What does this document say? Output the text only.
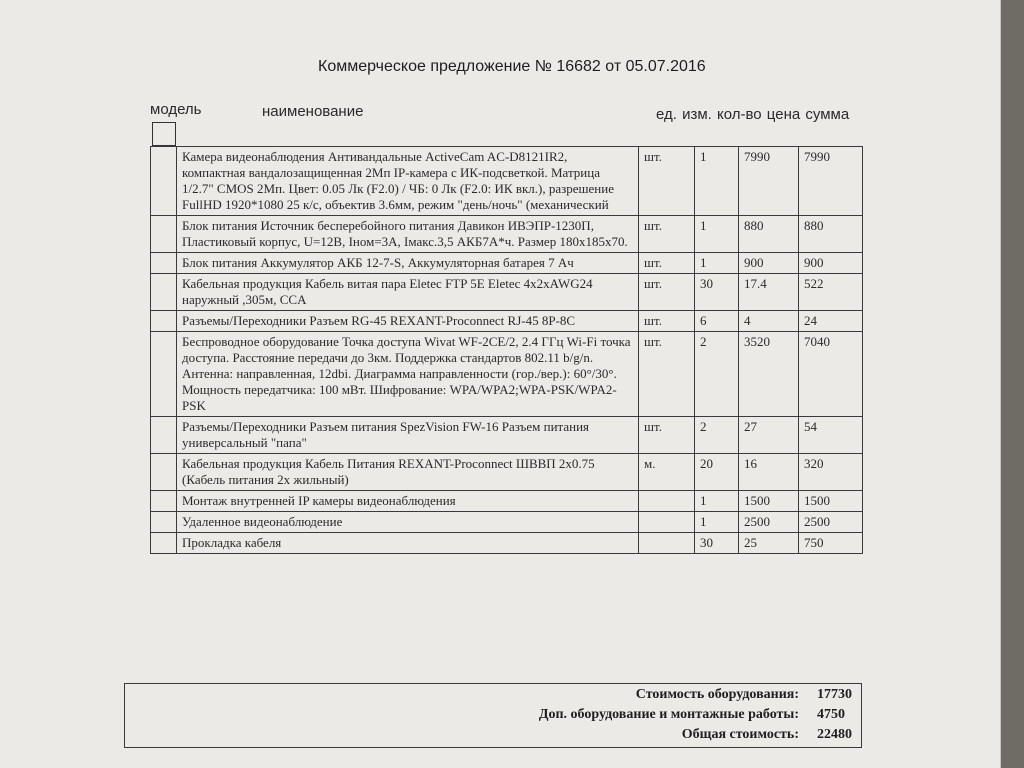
Коммерческое предложение № 16682 от 05.07.2016
модель	наименование	ед. изм. кол-во цена сумма
	Камера видеонаблюдения Антивандальные ActiveCam AC-D8121IR2, компактная вандалозащищенная 2Мп IP-камера с ИК-подсветкой. Матрица 1/2.7" CMOS 2Мп. Цвет: 0.05 Лк (F2.0) / ЧБ: 0 Лк (F2.0: ИК вкл.), разрешение FullHD 1920*1080 25 к/с, объектив 3.6мм, режим "день/ночь" (механический	шт.	1	7990	7990
	Блок питания Источник бесперебойного питания Давикон ИВЭПР-1230П, Пластиковый корпус, U=12В, Iном=3А, Iмакс.3,5 АКБ7А*ч. Размер 180х185х70.	шт.	1	880	880
	Блок питания Аккумулятор АКБ 12-7-S, Аккумуляторная батарея 7 Ач	шт.	1	900	900
	Кабельная продукция Кабель витая пара Eletec FTP 5E Eletec 4x2xAWG24 наружный ,305м, CCA	шт.	30	17.4	522
	Разъемы/Переходники Разъем RG-45 REXANT-Proconnect RJ-45 8P-8C	шт.	6	4	24
	Беспроводное оборудование Точка доступа Wivat WF-2CE/2, 2.4 ГГц Wi-Fi точка доступа. Расстояние передачи до 3км. Поддержка стандартов 802.11 b/g/n. Антенна: направленная, 12dbi. Диаграмма направленности (гор./вер.): 60°/30°. Мощность передатчика: 100 мВт. Шифрование: WPA/WPA2;WPA-PSK/WPA2-PSK	шт.	2	3520	7040
	Разъемы/Переходники Разъем питания SpezVision FW-16 Разъем питания универсальный "папа"	шт.	2	27	54
	Кабельная продукция Кабель Питания REXANT-Proconnect ШВВП 2x0.75 (Кабель питания 2х жильный)	м.	20	16	320
	Монтаж внутренней IP камеры видеонаблюдения		1	1500	1500
	Удаленное видеонаблюдение		1	2500	2500
	Прокладка кабеля		30	25	750
Стоимость оборудования: 17730
Доп. оборудование и монтажные работы: 4750
Общая стоимость: 22480
